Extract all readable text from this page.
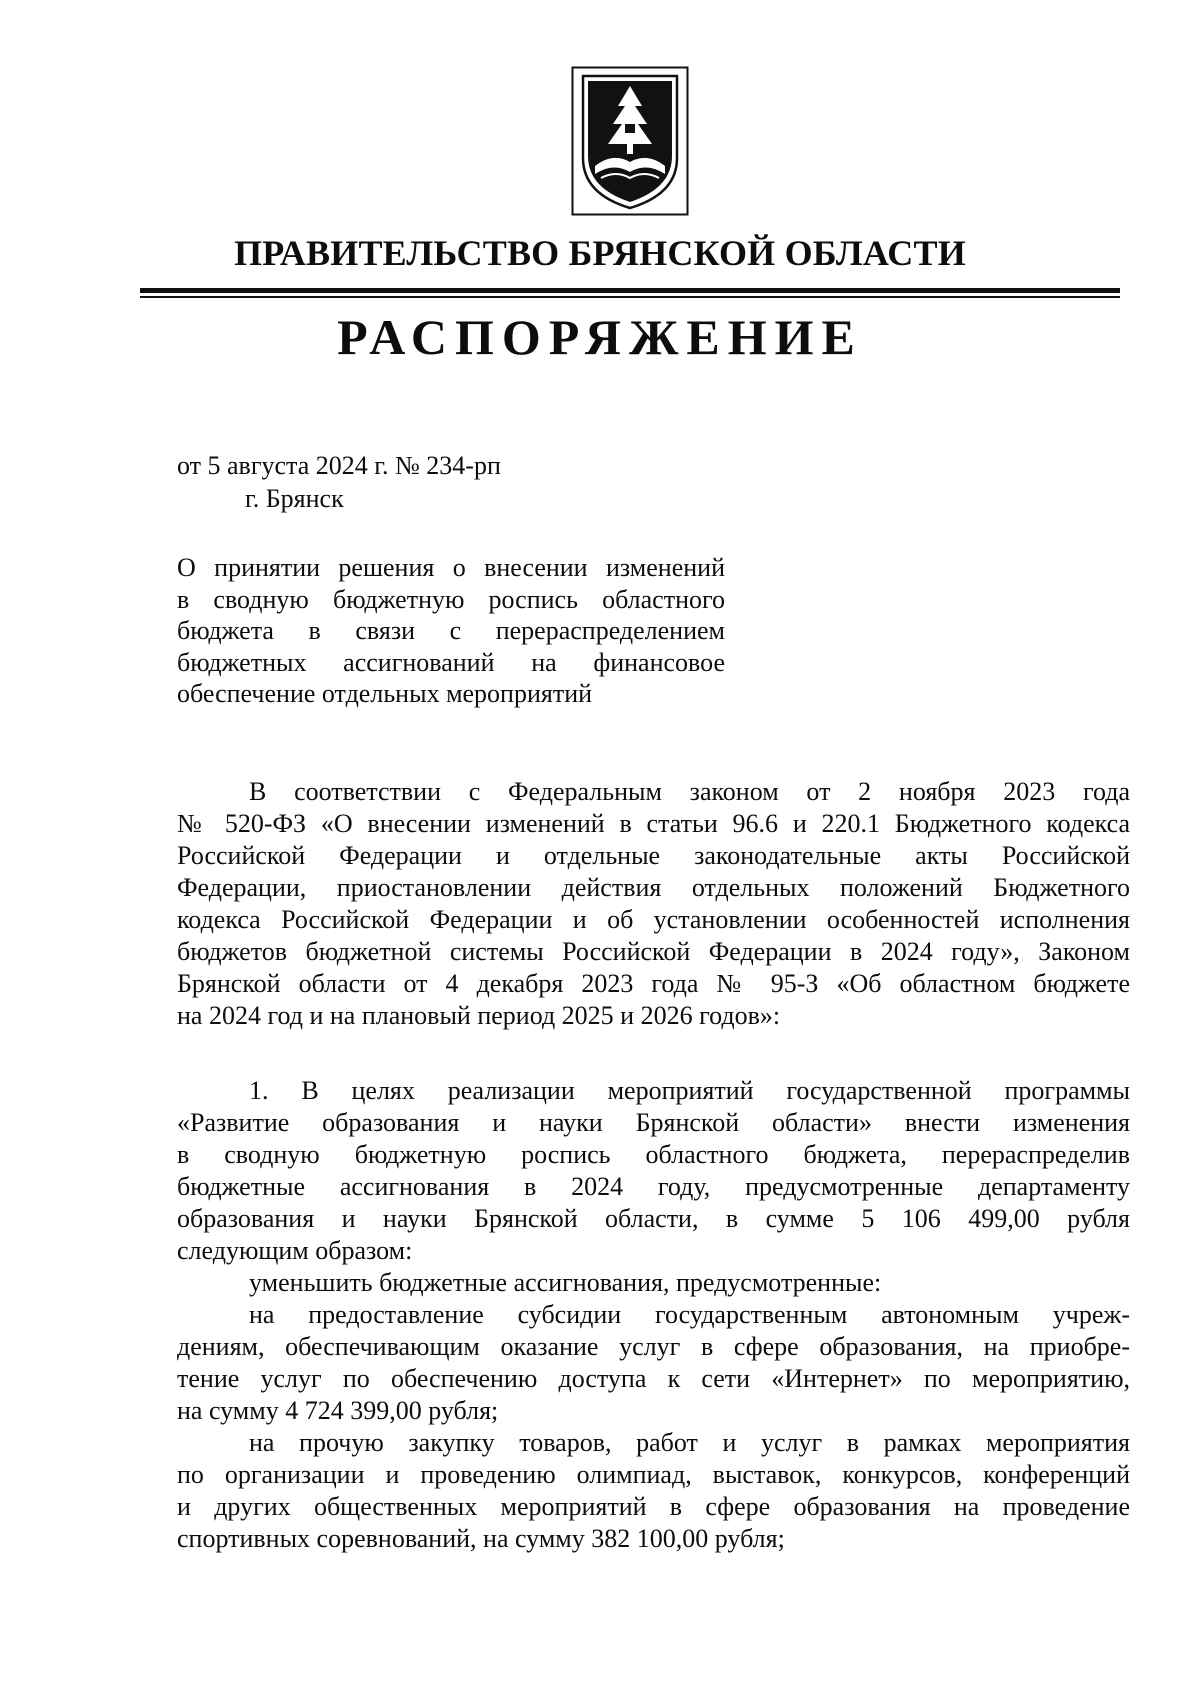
ПРАВИТЕЛЬСТВО БРЯНСКОЙ ОБЛАСТИ
РАСПОРЯЖЕНИЕ
от 5 августа 2024 г. № 234-рп
г. Брянск
О принятии решения о внесении изменений
в сводную бюджетную роспись областного
бюджета в связи с перераспределением
бюджетных ассигнований на финансовое
обеспечение отдельных мероприятий
В соответствии с Федеральным законом от 2 ноября 2023 года
№ 520-ФЗ «О внесении изменений в статьи 96.6 и 220.1 Бюджетного кодекса
Российской Федерации и отдельные законодательные акты Российской
Федерации, приостановлении действия отдельных положений Бюджетного
кодекса Российской Федерации и об установлении особенностей исполнения
бюджетов бюджетной системы Российской Федерации в 2024 году», Законом
Брянской области от 4 декабря 2023 года № 95-З «Об областном бюджете
на 2024 год и на плановый период 2025 и 2026 годов»:
1. В целях реализации мероприятий государственной программы
«Развитие образования и науки Брянской области» внести изменения
в сводную бюджетную роспись областного бюджета, перераспределив
бюджетные ассигнования в 2024 году, предусмотренные департаменту
образования и науки Брянской области, в сумме 5 106 499,00 рубля
следующим образом:
уменьшить бюджетные ассигнования, предусмотренные:
на предоставление субсидии государственным автономным учреж-
дениям, обеспечивающим оказание услуг в сфере образования, на приобре-
тение услуг по обеспечению доступа к сети «Интернет» по мероприятию,
на сумму 4 724 399,00 рубля;
на прочую закупку товаров, работ и услуг в рамках мероприятия
по организации и проведению олимпиад, выставок, конкурсов, конференций
и других общественных мероприятий в сфере образования на проведение
спортивных соревнований, на сумму 382 100,00 рубля;
